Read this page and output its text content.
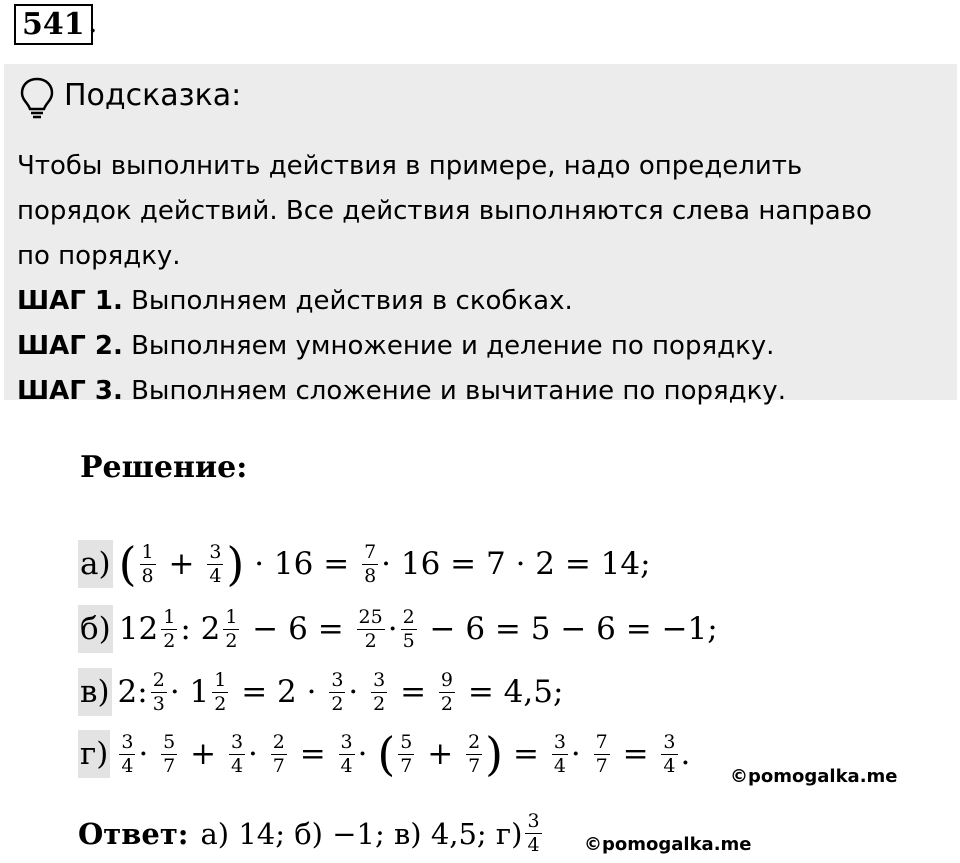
541 .
Подсказка:
Чтобы выполнить действия в примере, надо определить
порядок действий. Все действия выполняются слева направо
по порядку.
ШАГ 1. Выполняем действия в скобках.
ШАГ 2. Выполняем умножение и деление по порядку.
ШАГ 3. Выполняем сложение и вычитание по порядку.
Решение:
а) ( $\frac{1}{8} + \frac{3}{4}$ ) · $16 = \frac{7}{8} \cdot 16 = 7 \cdot 2 = 14$;
б) $12 \frac{1}{2}$ : $2 \frac{1}{2} - 6 = \frac{25}{2} \cdot \frac{2}{5} - 6 = 5 - 6 = -1$;
в) 2: $\frac{2}{3} \cdot 1 \frac{1}{2} = 2 \cdot \frac{3}{2} \cdot \frac{3}{2} = \frac{9}{2} = 4,5$;
$г) \frac{3}{4} \cdot \frac{5}{7} + \frac{3}{4} \cdot \frac{2}{7} = \frac{3}{4}$ · ( $\frac{5}{7} + \frac{2}{7}$ ) = $\frac{3}{4} \cdot \frac{7}{7} = \frac{3}{4}$ .
©pomogalka.me
Ответ: а) 14; б) −1; в) 4,5; $г) \frac{3}{4}$ ©pomogalka.me
